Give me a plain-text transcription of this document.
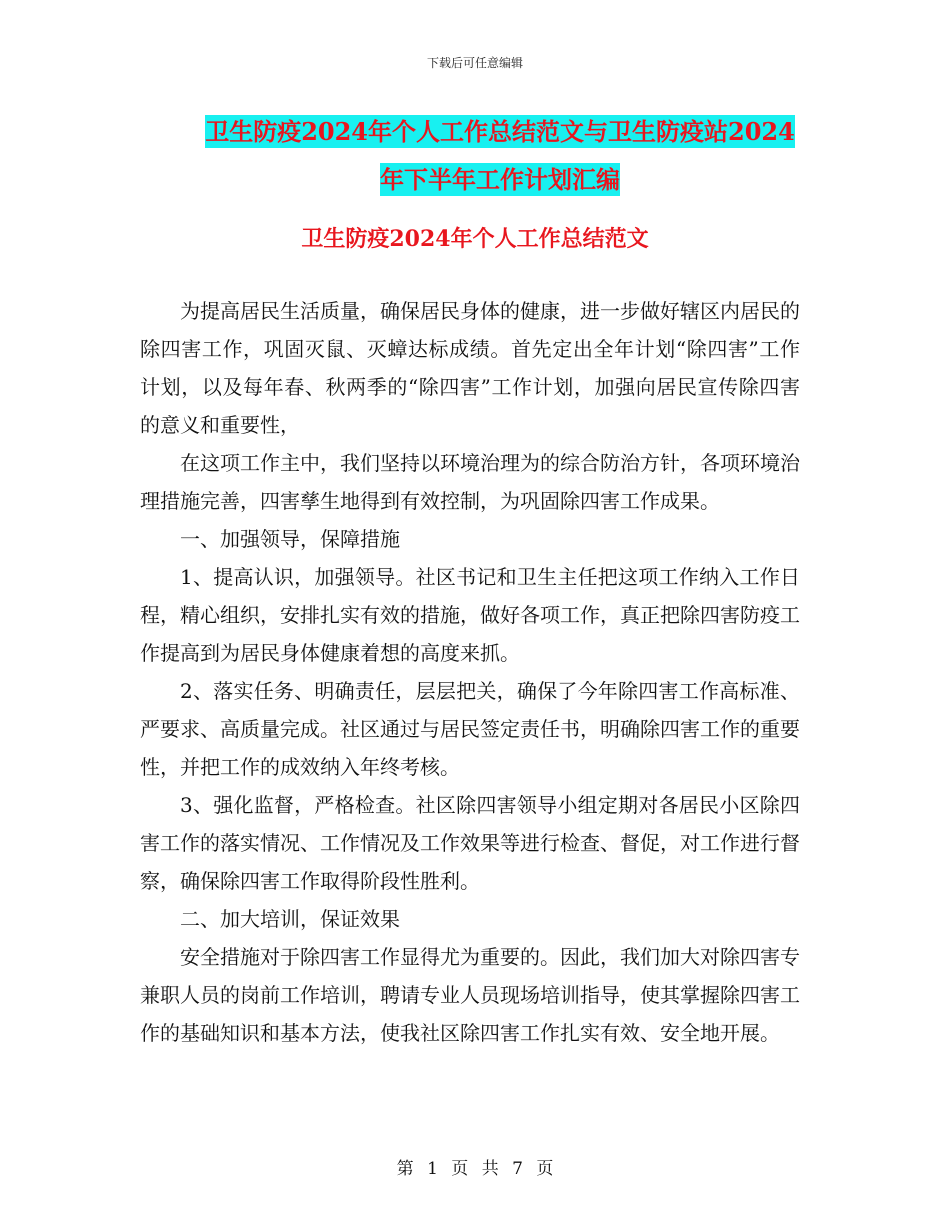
下载后可任意编辑
卫生防疫2024年个人工作总结范文与卫生防疫站2024
年下半年工作计划汇编
卫生防疫2024年个人工作总结范文

为提高居民生活质量，确保居民身体的健康，进一步做好辖区内居民的除四害工作，巩固灭鼠、灭蟑达标成绩。首先定出全年计划“除四害”工作计划，以及每年春、秋两季的“除四害”工作计划，加强向居民宣传除四害的意义和重要性，

在这项工作主中，我们坚持以环境治理为的综合防治方针，各项环境治理措施完善，四害孳生地得到有效控制，为巩固除四害工作成果。

一、加强领导，保障措施

1、提高认识，加强领导。社区书记和卫生主任把这项工作纳入工作日程，精心组织，安排扎实有效的措施，做好各项工作，真正把除四害防疫工作提高到为居民身体健康着想的高度来抓。

2、落实任务、明确责任，层层把关，确保了今年除四害工作高标准、严要求、高质量完成。社区通过与居民签定责任书，明确除四害工作的重要性，并把工作的成效纳入年终考核。

3、强化监督，严格检查。社区除四害领导小组定期对各居民小区除四害工作的落实情况、工作情况及工作效果等进行检查、督促，对工作进行督察，确保除四害工作取得阶段性胜利。

二、加大培训，保证效果

安全措施对于除四害工作显得尤为重要的。因此，我们加大对除四害专兼职人员的岗前工作培训，聘请专业人员现场培训指导，使其掌握除四害工作的基础知识和基本方法，使我社区除四害工作扎实有效、安全地开展。

第 1 页 共 7 页
